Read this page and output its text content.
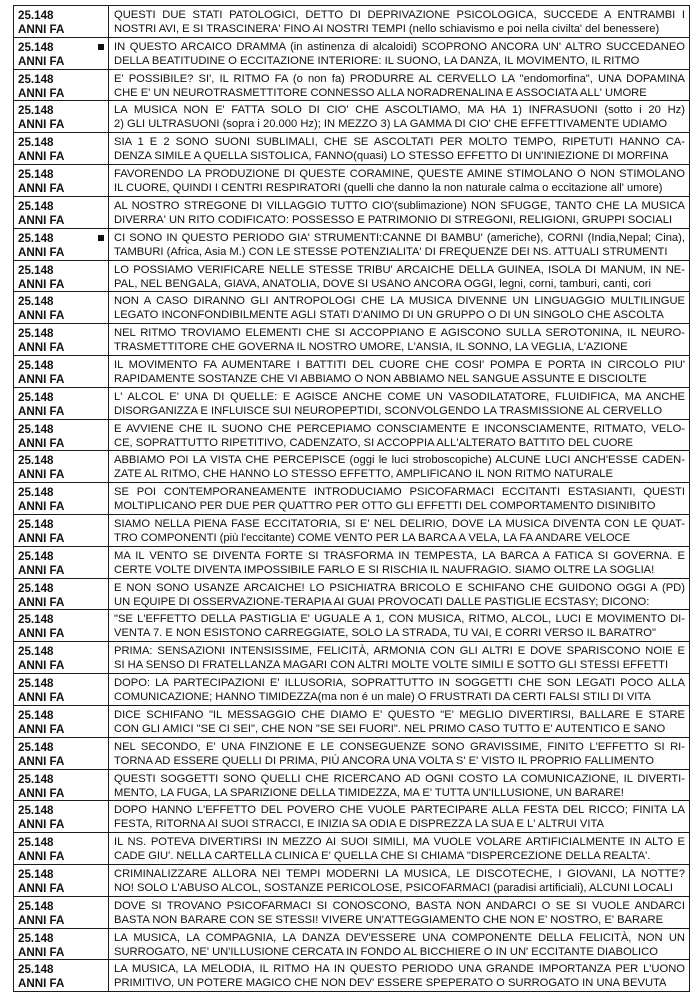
25.148
ANNI FA
QUESTI DUE STATI PATOLOGICI, DETTO DI DEPRIVAZIONE PSICOLOGICA, SUCCEDE A ENTRAMBI I
NOSTRI AVI, E SI TRASCINERA' FINO AI NOSTRI TEMPI (nello schiavismo e poi nella civilta' del benessere)
25.148
ANNI FA
IN QUESTO ARCAICO DRAMMA (in astinenza di alcaloidi) SCOPRONO ANCORA UN' ALTRO SUCCEDANEO
DELLA BEATITUDINE O ECCITAZIONE INTERIORE: IL SUONO, LA DANZA, IL MOVIMENTO, IL RITMO
25.148
ANNI FA
E' POSSIBILE? SI', IL RITMO FA (o non fa) PRODURRE AL CERVELLO LA "endomorfina", UNA DOPAMINA
CHE E' UN NEUROTRASMETTITORE CONNESSO ALLA NORADRENALINA E ASSOCIATA ALL' UMORE
25.148
ANNI FA
LA MUSICA NON E' FATTA SOLO DI CIO' CHE ASCOLTIAMO, MA HA 1) INFRASUONI (sotto i 20 Hz)
2) GLI ULTRASUONI (sopra i 20.000 Hz); IN MEZZO 3) LA GAMMA DI CIO' CHE EFFETTIVAMENTE UDIAMO
25.148
ANNI FA
SIA 1 E 2 SONO SUONI SUBLIMALI, CHE SE ASCOLTATI PER MOLTO TEMPO, RIPETUTI HANNO CA-
DENZA SIMILE A QUELLA SISTOLICA, FANNO(quasi) LO STESSO EFFETTO DI UN'INIEZIONE DI MORFINA
25.148
ANNI FA
FAVORENDO LA PRODUZIONE DI QUESTE CORAMINE, QUESTE AMINE STIMOLANO O NON STIMOLANO
IL CUORE, QUINDI I CENTRI RESPIRATORI (quelli che danno la non naturale calma o eccitazione all' umore)
25.148
ANNI FA
AL NOSTRO STREGONE DI VILLAGGIO TUTTO CIO'(sublimazione) NON SFUGGE, TANTO CHE LA MUSICA
DIVERRA' UN RITO CODIFICATO: POSSESSO E PATRIMONIO DI STREGONI, RELIGIONI, GRUPPI SOCIALI
25.148
ANNI FA
CI SONO IN QUESTO PERIODO GIA' STRUMENTI:CANNE DI BAMBU' (americhe), CORNI (India,Nepal; Cina),
TAMBURI (Africa, Asia M.) CON LE STESSE POTENZIALITA' DI FREQUENZE DEI NS. ATTUALI STRUMENTI
25.148
ANNI FA
LO POSSIAMO VERIFICARE NELLE STESSE TRIBU' ARCAICHE DELLA GUINEA, ISOLA DI MANUM, IN NE-
PAL, NEL BENGALA, GIAVA, ANATOLIA, DOVE SI USANO ANCORA OGGI, legni, corni, tamburi, canti, cori
25.148
ANNI FA
NON A CASO DIRANNO GLI ANTROPOLOGI CHE LA MUSICA DIVENNE UN LINGUAGGIO MULTILINGUE
LEGATO INCONFONDIBILMENTE AGLI STATI D'ANIMO DI UN GRUPPO O DI UN SINGOLO CHE ASCOLTA
25.148
ANNI FA
NEL RITMO TROVIAMO ELEMENTI CHE SI ACCOPPIANO E AGISCONO SULLA SEROTONINA, IL NEURO-
TRASMETTITORE CHE GOVERNA IL NOSTRO UMORE, L'ANSIA, IL SONNO, LA VEGLIA, L'AZIONE
25.148
ANNI FA
IL MOVIMENTO FA AUMENTARE I BATTITI DEL CUORE CHE COSI' POMPA E PORTA IN CIRCOLO PIU'
RAPIDAMENTE SOSTANZE CHE VI ABBIAMO O NON ABBIAMO NEL SANGUE ASSUNTE E DISCIOLTE
25.148
ANNI FA
L' ALCOL E' UNA DI QUELLE: E AGISCE ANCHE COME UN VASODILATATORE, FLUIDIFICA, MA ANCHE
DISORGANIZZA E INFLUISCE SUI NEUROPEPTIDI, SCONVOLGENDO LA TRASMISSIONE AL CERVELLO
25.148
ANNI FA
E AVVIENE CHE IL SUONO CHE PERCEPIAMO CONSCIAMENTE E INCONSCIAMENTE, RITMATO, VELO-
CE, SOPRATTUTTO RIPETITIVO, CADENZATO, SI ACCOPPIA ALL'ALTERATO BATTITO DEL CUORE
25.148
ANNI FA
ABBIAMO POI LA VISTA CHE PERCEPISCE (oggi le luci stroboscopiche) ALCUNE LUCI ANCH'ESSE CADEN-
ZATE AL RITMO, CHE HANNO LO STESSO EFFETTO, AMPLIFICANO IL NON RITMO NATURALE
25.148
ANNI FA
SE POI CONTEMPORANEAMENTE INTRODUCIAMO PSICOFARMACI ECCITANTI ESTASIANTI, QUESTI
MOLTIPLICANO PER DUE PER QUATTRO PER OTTO GLI EFFETTI DEL COMPORTAMENTO DISINIBITO
25.148
ANNI FA
SIAMO NELLA PIENA FASE ECCITATORIA, SI E' NEL DELIRIO, DOVE LA MUSICA DIVENTA CON LE QUAT-
TRO COMPONENTI (più l'eccitante) COME VENTO PER LA BARCA A VELA, LA FA ANDARE VELOCE
25.148
ANNI FA
MA IL VENTO SE DIVENTA FORTE SI TRASFORMA IN TEMPESTA, LA BARCA A FATICA SI GOVERNA. E
CERTE VOLTE DIVENTA IMPOSSIBILE FARLO E SI RISCHIA IL NAUFRAGIO. SIAMO OLTRE LA SOGLIA!
25.148
ANNI FA
E NON SONO USANZE ARCAICHE! LO PSICHIATRA BRICOLO E SCHIFANO CHE GUIDONO OGGI A (PD)
UN EQUIPE DI OSSERVAZIONE-TERAPIA AI GUAI PROVOCATI DALLE PASTIGLIE ECSTASY; DICONO:
25.148
ANNI FA
"SE L'EFFETTO DELLA PASTIGLIA E' UGUALE A 1, CON MUSICA, RITMO, ALCOL, LUCI E MOVIMENTO DI-
VENTA 7. E NON ESISTONO CARREGGIATE, SOLO LA STRADA, TU VAI, E CORRI VERSO IL BARATRO"
25.148
ANNI FA
PRIMA: SENSAZIONI INTENSISSIME, FELICITÀ, ARMONIA CON GLI ALTRI E DOVE SPARISCONO NOIE E
SI HA SENSO DI FRATELLANZA MAGARI CON ALTRI MOLTE VOLTE SIMILI E SOTTO GLI STESSI EFFETTI
25.148
ANNI FA
DOPO: LA PARTECIPAZIONI E' ILLUSORIA, SOPRATTUTTO IN SOGGETTI CHE SON LEGATI POCO ALLA
COMUNICAZIONE; HANNO TIMIDEZZA(ma non é un male) O FRUSTRATI DA CERTI FALSI STILI DI VITA
25.148
ANNI FA
DICE SCHIFANO "IL MESSAGGIO CHE DIAMO E' QUESTO "E' MEGLIO DIVERTIRSI, BALLARE E STARE
CON GLI AMICI "SE CI SEI", CHE NON "SE SEI FUORI". NEL PRIMO CASO TUTTO E' AUTENTICO E SANO
25.148
ANNI FA
NEL SECONDO, E' UNA FINZIONE E LE CONSEGUENZE SONO GRAVISSIME, FINITO L'EFFETTO SI RI-
TORNA AD ESSERE QUELLI DI PRIMA, PIÙ ANCORA UNA VOLTA S' E' VISTO IL PROPRIO FALLIMENTO
25.148
ANNI FA
QUESTI SOGGETTI SONO QUELLI CHE RICERCANO AD OGNI COSTO LA COMUNICAZIONE, IL DIVERTI-
MENTO, LA FUGA, LA SPARIZIONE DELLA TIMIDEZZA, MA E' TUTTA UN'ILLUSIONE, UN BARARE!
25.148
ANNI FA
DOPO HANNO L'EFFETTO DEL POVERO CHE VUOLE PARTECIPARE ALLA FESTA DEL RICCO; FINITA LA
FESTA, RITORNA AI SUOI STRACCI, E INIZIA SA ODIA E DISPREZZA LA SUA E L' ALTRUI VITA
25.148
ANNI FA
IL NS. POTEVA DIVERTIRSI IN MEZZO AI SUOI SIMILI, MA VUOLE VOLARE ARTIFICIALMENTE IN ALTO E
CADE GIU'. NELLA CARTELLA CLINICA E' QUELLA CHE SI CHIAMA "DISPERCEZIONE DELLA REALTA'.
25.148
ANNI FA
CRIMINALIZZARE ALLORA NEI TEMPI MODERNI LA MUSICA, LE DISCOTECHE, I GIOVANI, LA NOTTE?
NO! SOLO L'ABUSO ALCOL, SOSTANZE PERICOLOSE, PSICOFARMACI (paradisi artificiali), ALCUNI LOCALI
25.148
ANNI FA
DOVE SI TROVANO PSICOFARMACI SI CONOSCONO, BASTA NON ANDARCI O SE SI VUOLE ANDARCI
BASTA NON BARARE CON SE STESSI! VIVERE UN'ATTEGGIAMENTO CHE NON E' NOSTRO, E' BARARE
25.148
ANNI FA
LA MUSICA, LA COMPAGNIA, LA DANZA DEV'ESSERE UNA COMPONENTE DELLA FELICITÀ, NON UN
SURROGATO, NE' UN'ILLUSIONE CERCATA IN FONDO AL BICCHIERE O IN UN' ECCITANTE DIABOLICO
25.148
ANNI FA
LA MUSICA, LA MELODIA, IL RITMO HA IN QUESTO PERIODO UNA GRANDE IMPORTANZA PER L'UONO
PRIMITIVO, UN POTERE MAGICO CHE NON DEV' ESSERE SPEPERATO O SURROGATO IN UNA BEVUTA
